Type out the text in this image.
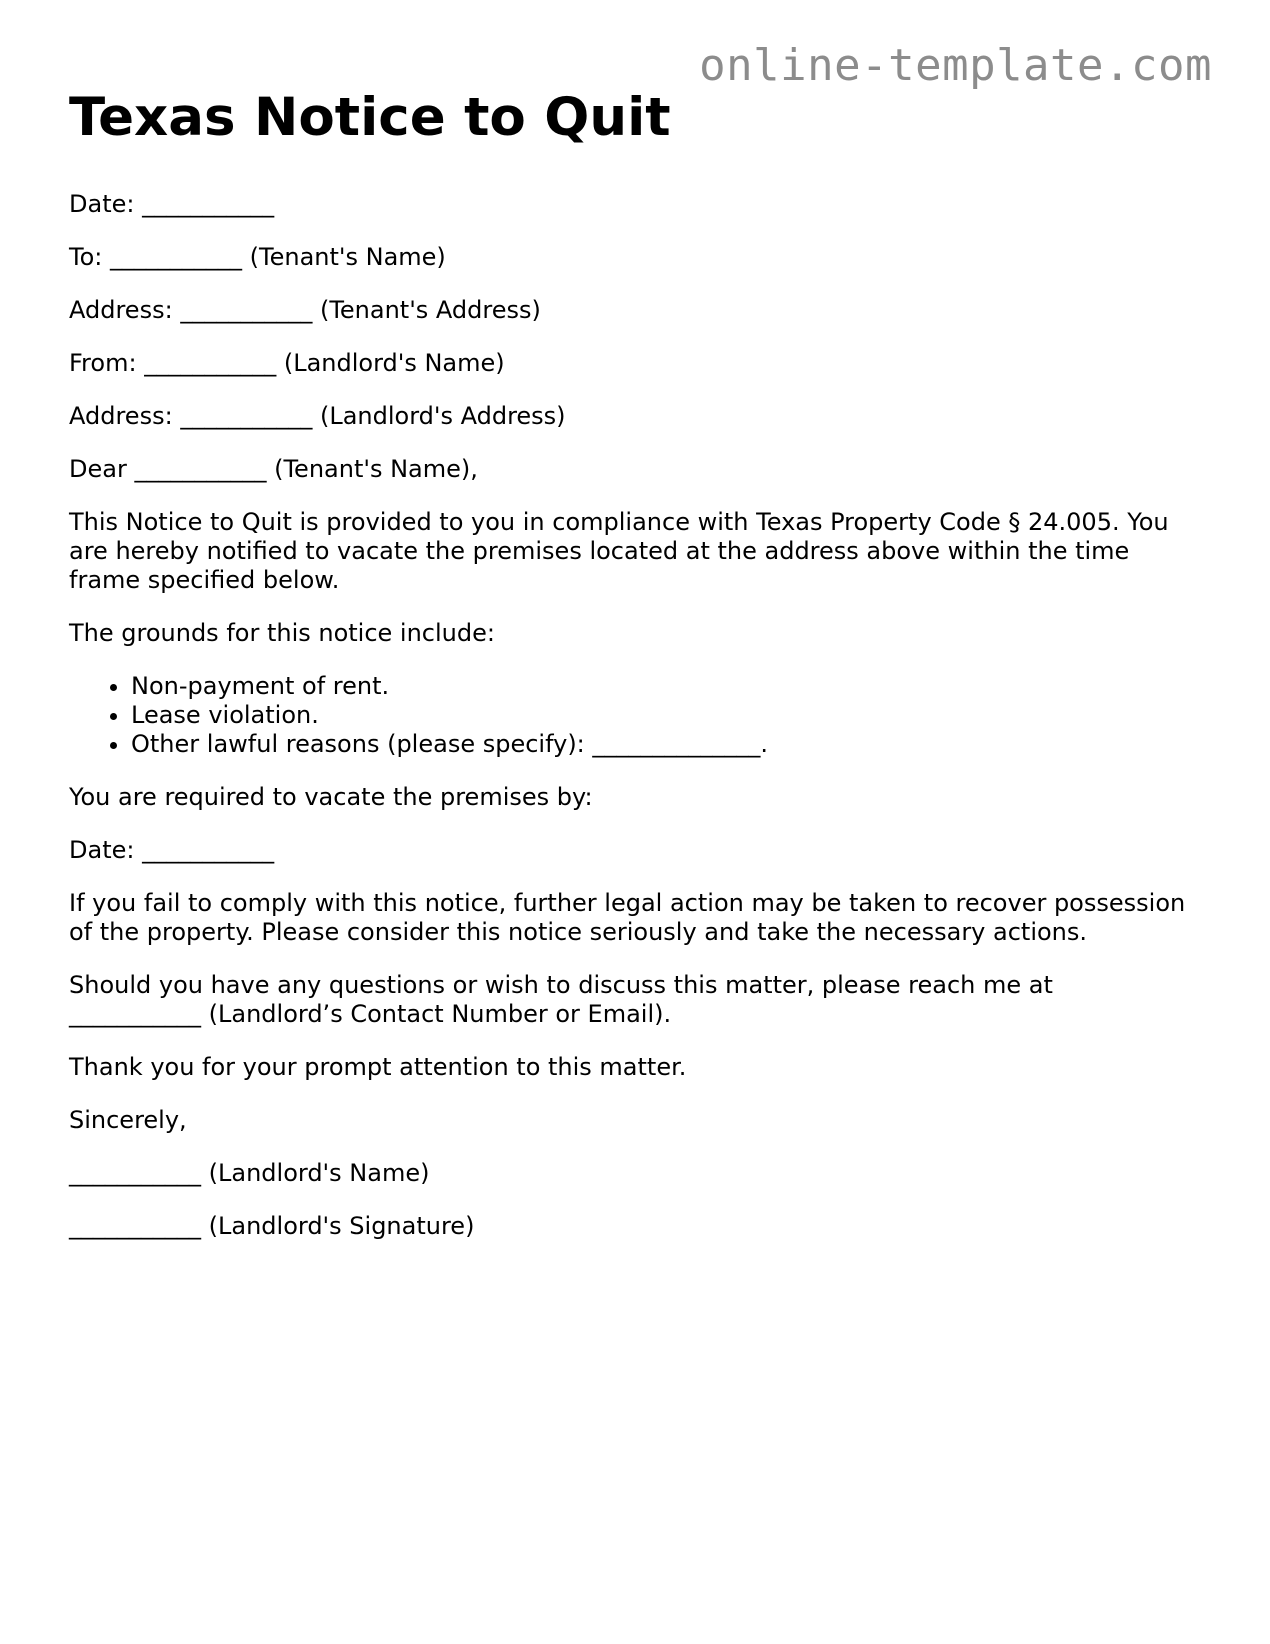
online-template.com
Texas Notice to Quit

Date: ___________

To: ___________ (Tenant's Name)

Address: ___________ (Tenant's Address)

From: ___________ (Landlord's Name)

Address: ___________ (Landlord's Address)

Dear ___________ (Tenant's Name),

This Notice to Quit is provided to you in compliance with Texas Property Code § 24.005. You are hereby notified to vacate the premises located at the address above within the time frame specified below.

The grounds for this notice include:

• Non-payment of rent.
• Lease violation.
• Other lawful reasons (please specify): ______________.

You are required to vacate the premises by:

Date: ___________

If you fail to comply with this notice, further legal action may be taken to recover possession of the property. Please consider this notice seriously and take the necessary actions.

Should you have any questions or wish to discuss this matter, please reach me at
___________ (Landlord’s Contact Number or Email).

Thank you for your prompt attention to this matter.

Sincerely,

___________ (Landlord's Name)

___________ (Landlord's Signature)
